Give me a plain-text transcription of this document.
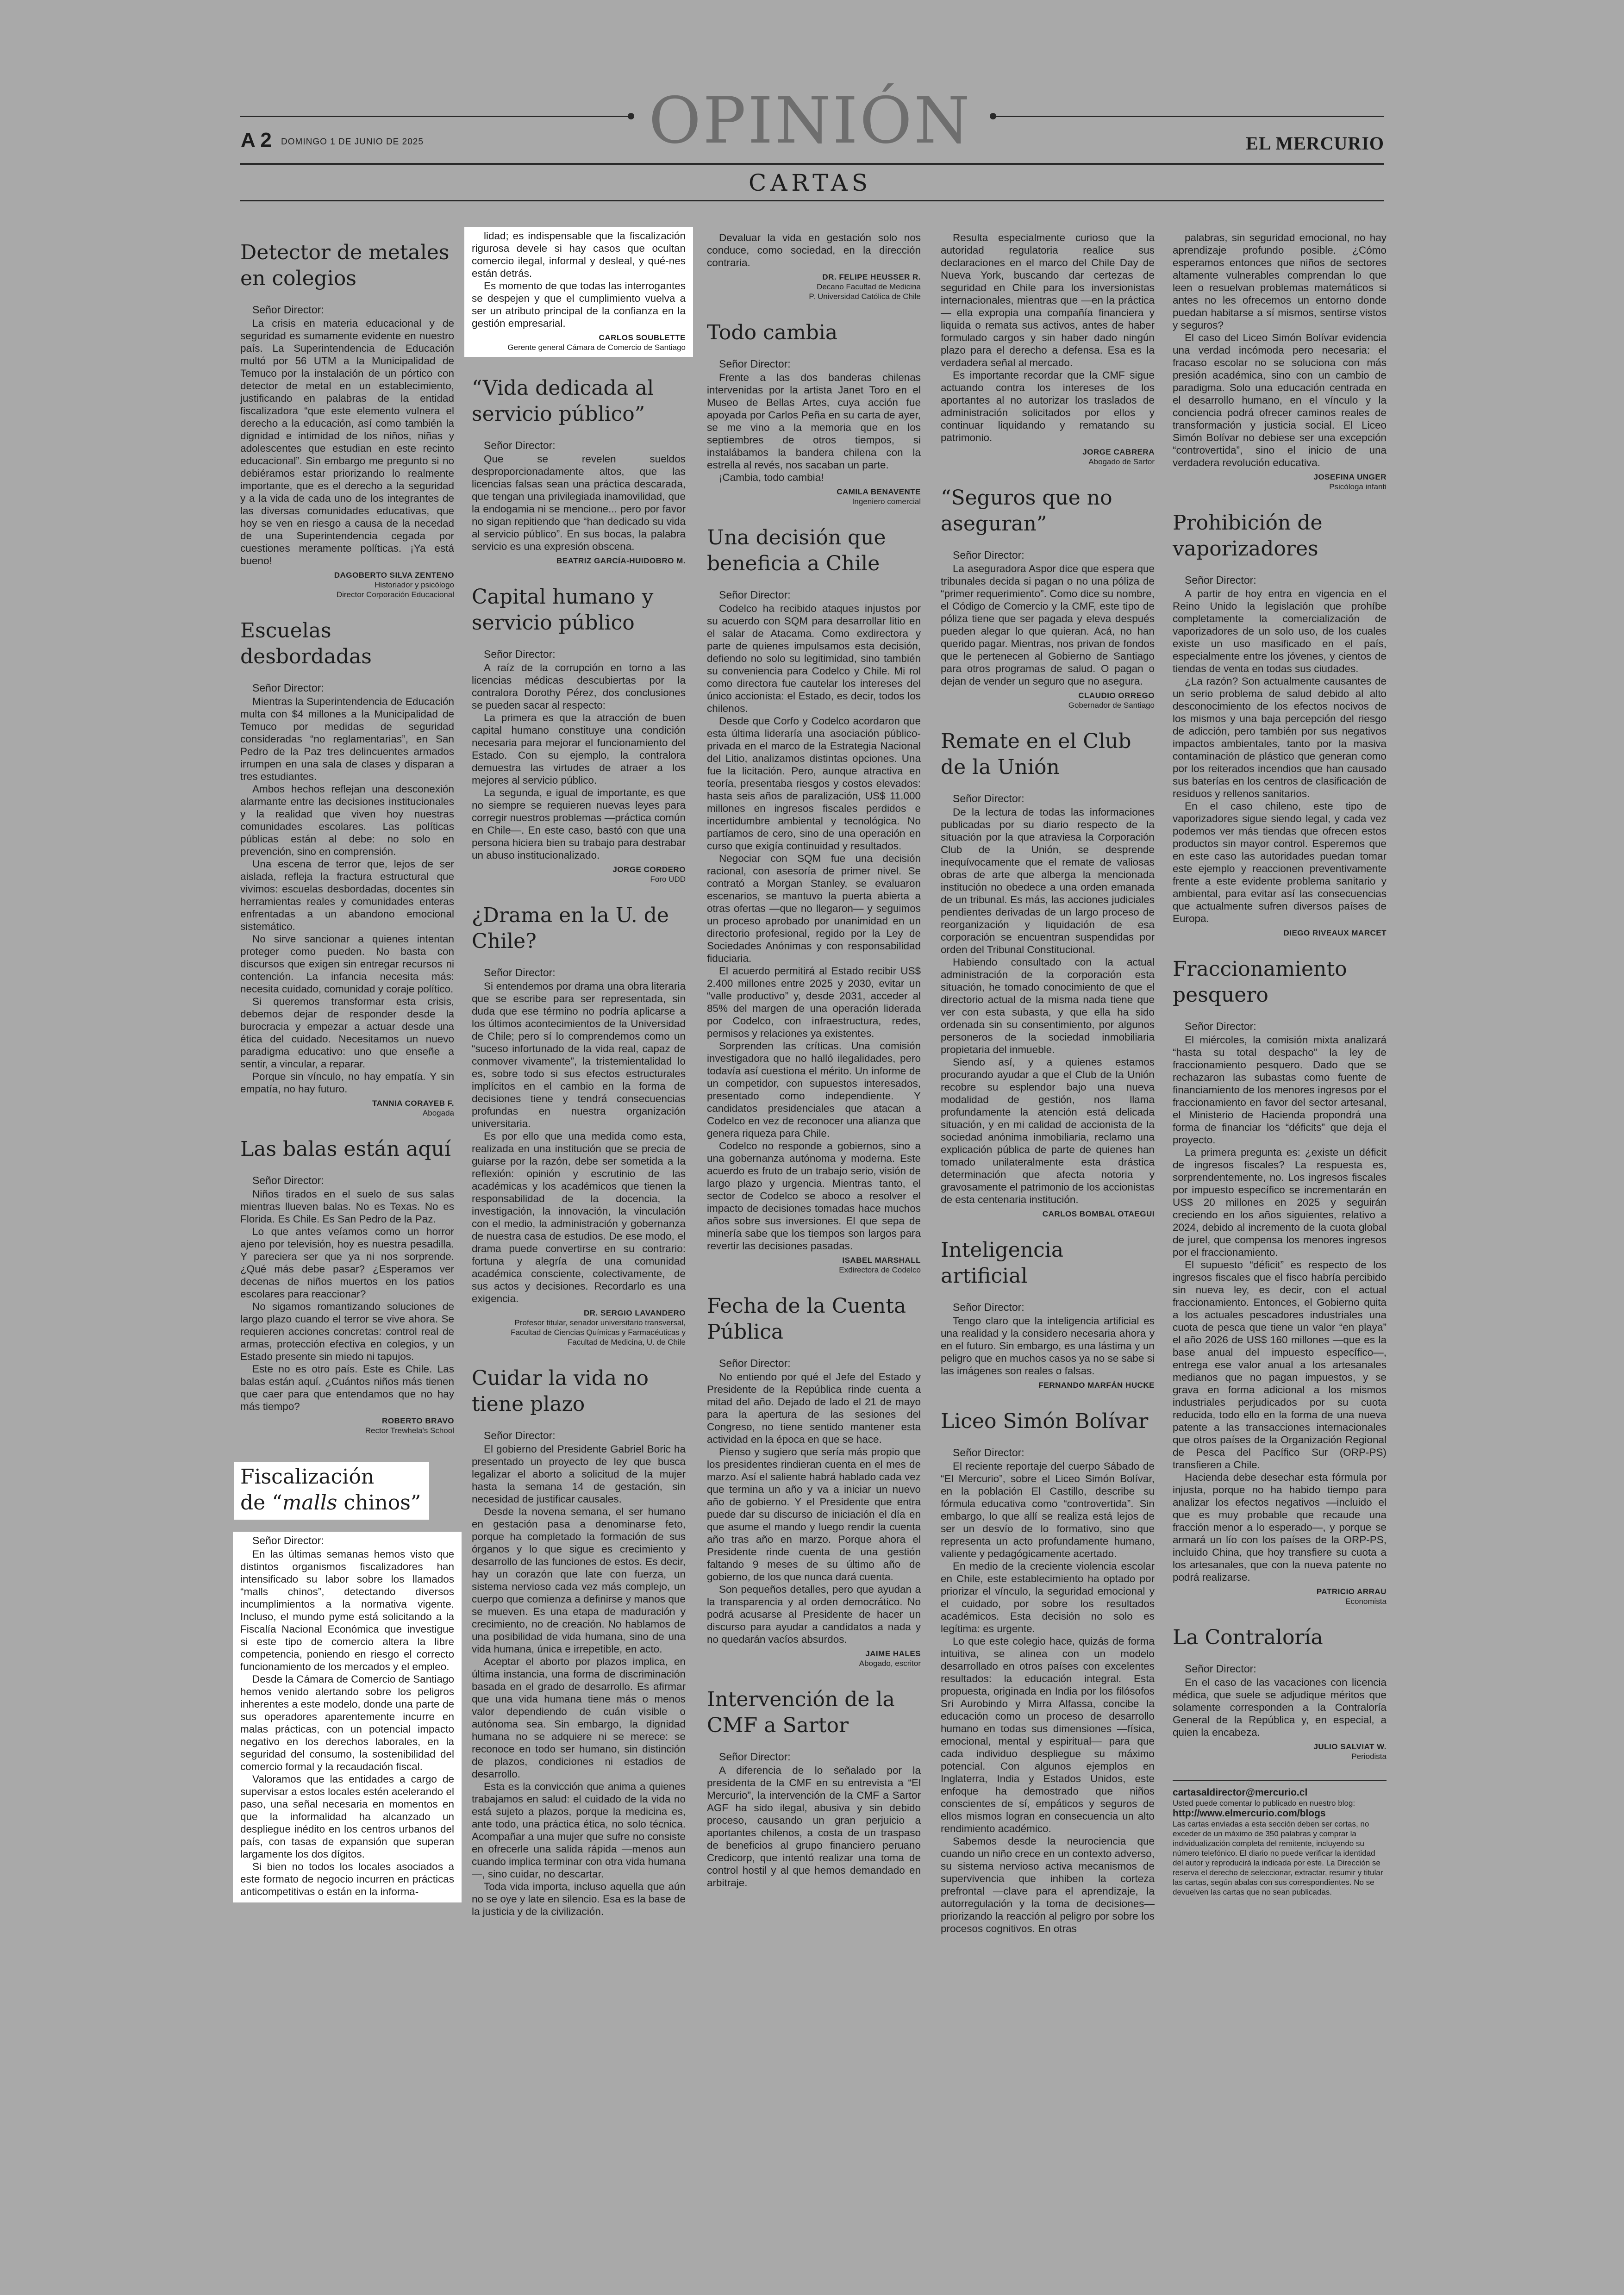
OPINIÓN
A 2 DOMINGO 1 DE JUNIO DE 2025	EL MERCURIO
CARTAS
Detector de metales en colegios

Señor Director:

La crisis en materia educacional y de seguridad es sumamente evidente en nuestro país. La Superintendencia de Educación multó por 56 UTM a la Municipalidad de Temuco por la instalación de un pórtico con detector de metal en un establecimiento, justificando en palabras de la entidad fiscalizadora “que este elemento vulnera el derecho a la educación, así como también la dignidad e intimidad de los niños, niñas y adolescentes que estudian en este recinto educacional”. Sin embargo me pregunto si no debiéramos estar priorizando lo realmente importante, que es el derecho a la seguridad y a la vida de cada uno de los integrantes de las diversas comunidades educativas, que hoy se ven en riesgo a causa de la necedad de una Superintendencia cegada por cuestiones meramente políticas. ¡Ya está bueno!

DAGOBERTO SILVA ZENTENO

Historiador y psicólogo

Director Corporación Educacional

Escuelas desbordadas

Señor Director:

Mientras la Superintendencia de Educación multa con $4 millones a la Municipalidad de Temuco por medidas de seguridad consideradas “no reglamentarias”, en San Pedro de la Paz tres delincuentes armados irrumpen en una sala de clases y disparan a tres estudiantes.

Ambos hechos reflejan una desconexión alarmante entre las decisiones institucionales y la realidad que viven hoy nuestras comunidades escolares. Las políticas públicas están al debe: no solo en prevención, sino en comprensión.

Una escena de terror que, lejos de ser aislada, refleja la fractura estructural que vivimos: escuelas desbordadas, docentes sin herramientas reales y comunidades enteras enfrentadas a un abandono emocional sistemático.

No sirve sancionar a quienes intentan proteger como pueden. No basta con discursos que exigen sin entregar recursos ni contención. La infancia necesita más: necesita cuidado, comunidad y coraje político.

Si queremos transformar esta crisis, debemos dejar de responder desde la burocracia y empezar a actuar desde una ética del cuidado. Necesitamos un nuevo paradigma educativo: uno que enseñe a sentir, a vincular, a reparar.

Porque sin vínculo, no hay empatía. Y sin empatía, no hay futuro.

TANNIA CORAYEB F.

Abogada

Las balas están aquí

Señor Director:

Niños tirados en el suelo de sus salas mientras llueven balas. No es Texas. No es Florida. Es Chile. Es San Pedro de la Paz.

Lo que antes veíamos como un horror ajeno por televisión, hoy es nuestra pesadilla. Y pareciera ser que ya ni nos sorprende. ¿Qué más debe pasar? ¿Esperamos ver decenas de niños muertos en los patios escolares para reaccionar?

No sigamos romantizando soluciones de largo plazo cuando el terror se vive ahora. Se requieren acciones concretas: control real de armas, protección efectiva en colegios, y un Estado presente sin miedo ni tapujos.

Este no es otro país. Este es Chile. Las balas están aquí. ¿Cuántos niños más tienen que caer para que entendamos que no hay más tiempo?

ROBERTO BRAVO

Rector Trewhela's School

Fiscalización
de “malls chinos”

Señor Director:

En las últimas semanas hemos visto que distintos organismos fiscalizadores han intensificado su labor sobre los llamados “malls chinos”, detectando diversos incumplimientos a la normativa vigente. Incluso, el mundo pyme está solicitando a la Fiscalía Nacional Económica que investigue si este tipo de comercio altera la libre competencia, poniendo en riesgo el correcto funcionamiento de los mercados y el empleo.

Desde la Cámara de Comercio de Santiago hemos venido alertando sobre los peligros inherentes a este modelo, donde una parte de sus operadores aparentemente incurre en malas prácticas, con un potencial impacto negativo en los derechos laborales, en la seguridad del consumo, la sostenibilidad del comercio formal y la recaudación fiscal.

Valoramos que las entidades a cargo de supervisar a estos locales estén acelerando el paso, una señal necesaria en momentos en que la informalidad ha alcanzado un despliegue inédito en los centros urbanos del país, con tasas de expansión que superan largamente los dos dígitos.

Si bien no todos los locales asociados a este formato de negocio incurren en prácticas anticompetitivas o están en la informa-

lidad; es indispensable que la fiscalización rigurosa devele si hay casos que ocultan comercio ilegal, informal y desleal, y qué-nes están detrás.

Es momento de que todas las interrogantes se despejen y que el cumplimiento vuelva a ser un atributo principal de la confianza en la gestión empresarial.

CARLOS SOUBLETTE

Gerente general Cámara de Comercio de Santiago

“Vida dedicada al servicio público”

Señor Director:

Que se revelen sueldos desproporcionadamente altos, que las licencias falsas sean una práctica descarada, que tengan una privilegiada inamovilidad, que la endogamia ni se mencione... pero por favor no sigan repitiendo que “han dedicado su vida al servicio público”. En sus bocas, la palabra servicio es una expresión obscena.

BEATRIZ GARCÍA-HUIDOBRO M.

Capital humano y servicio público

Señor Director:

A raíz de la corrupción en torno a las licencias médicas descubiertas por la contralora Dorothy Pérez, dos conclusiones se pueden sacar al respecto:

La primera es que la atracción de buen capital humano constituye una condición necesaria para mejorar el funcionamiento del Estado. Con su ejemplo, la contralora demuestra las virtudes de atraer a los mejores al servicio público.

La segunda, e igual de importante, es que no siempre se requieren nuevas leyes para corregir nuestros problemas —práctica común en Chile—. En este caso, bastó con que una persona hiciera bien su trabajo para destrabar un abuso institucionalizado.

JORGE CORDERO

Foro UDD

¿Drama en la U. de Chile?

Señor Director:

Si entendemos por drama una obra literaria que se escribe para ser representada, sin duda que ese término no podría aplicarse a los últimos acontecimientos de la Universidad de Chile; pero sí lo comprendemos como un “suceso infortunado de la vida real, capaz de conmover vivamente”, la tristemientalidad lo es, sobre todo si sus efectos estructurales implícitos en el cambio en la forma de decisiones tiene y tendrá consecuencias profundas en nuestra organización universitaria.

Es por ello que una medida como esta, realizada en una institución que se precia de guiarse por la razón, debe ser sometida a la reflexión: opinión y escrutinio de las académicas y los académicos que tienen la responsabilidad de la docencia, la investigación, la innovación, la vinculación con el medio, la administración y gobernanza de nuestra casa de estudios. De ese modo, el drama puede convertirse en su contrario: fortuna y alegría de una comunidad académica consciente, colectivamente, de sus actos y decisiones. Recordarlo es una exigencia.

DR. SERGIO LAVANDERO

Profesor titular, senador universitario transversal,

Facultad de Ciencias Químicas y Farmacéuticas y

Facultad de Medicina, U. de Chile

Cuidar la vida no tiene plazo

Señor Director:

El gobierno del Presidente Gabriel Boric ha presentado un proyecto de ley que busca legalizar el aborto a solicitud de la mujer hasta la semana 14 de gestación, sin necesidad de justificar causales.

Desde la novena semana, el ser humano en gestación pasa a denominarse feto, porque ha completado la formación de sus órganos y lo que sigue es crecimiento y desarrollo de las funciones de estos. Es decir, hay un corazón que late con fuerza, un sistema nervioso cada vez más complejo, un cuerpo que comienza a definirse y manos que se mueven. Es una etapa de maduración y crecimiento, no de creación. No hablamos de una posibilidad de vida humana, sino de una vida humana, única e irrepetible, en acto.

Aceptar el aborto por plazos implica, en última instancia, una forma de discriminación basada en el grado de desarrollo. Es afirmar que una vida humana tiene más o menos valor dependiendo de cuán visible o autónoma sea. Sin embargo, la dignidad humana no se adquiere ni se merece: se reconoce en todo ser humano, sin distinción de plazos, condiciones ni estadios de desarrollo.

Esta es la convicción que anima a quienes trabajamos en salud: el cuidado de la vida no está sujeto a plazos, porque la medicina es, ante todo, una práctica ética, no solo técnica. Acompañar a una mujer que sufre no consiste en ofrecerle una salida rápida —menos aun cuando implica terminar con otra vida humana—, sino cuidar, no descartar.

Toda vida importa, incluso aquella que aún no se oye y late en silencio. Esa es la base de la justicia y de la civilización.

Devaluar la vida en gestación solo nos conduce, como sociedad, en la dirección contraria.

DR. FELIPE HEUSSER R.

Decano Facultad de Medicina

P. Universidad Católica de Chile

Todo cambia

Señor Director:

Frente a las dos banderas chilenas intervenidas por la artista Janet Toro en el Museo de Bellas Artes, cuya acción fue apoyada por Carlos Peña en su carta de ayer, se me vino a la memoria que en los septiembres de otros tiempos, si instalábamos la bandera chilena con la estrella al revés, nos sacaban un parte.

¡Cambia, todo cambia!

CAMILA BENAVENTE

Ingeniero comercial

Una decisión que beneficia a Chile

Señor Director:

Codelco ha recibido ataques injustos por su acuerdo con SQM para desarrollar litio en el salar de Atacama. Como exdirectora y parte de quienes impulsamos esta decisión, defiendo no solo su legitimidad, sino también su conveniencia para Codelco y Chile. Mi rol como directora fue cautelar los intereses del único accionista: el Estado, es decir, todos los chilenos.

Desde que Corfo y Codelco acordaron que esta última lideraría una asociación público-privada en el marco de la Estrategia Nacional del Litio, analizamos distintas opciones. Una fue la licitación. Pero, aunque atractiva en teoría, presentaba riesgos y costos elevados: hasta seis años de paralización, US$ 11.000 millones en ingresos fiscales perdidos e incertidumbre ambiental y tecnológica. No partíamos de cero, sino de una operación en curso que exigía continuidad y resultados.

Negociar con SQM fue una decisión racional, con asesoría de primer nivel. Se contrató a Morgan Stanley, se evaluaron escenarios, se mantuvo la puerta abierta a otras ofertas —que no llegaron— y seguimos un proceso aprobado por unanimidad en un directorio profesional, regido por la Ley de Sociedades Anónimas y con responsabilidad fiduciaria.

El acuerdo permitirá al Estado recibir US$ 2.400 millones entre 2025 y 2030, evitar un “valle productivo” y, desde 2031, acceder al 85% del margen de una operación liderada por Codelco, con infraestructura, redes, permisos y relaciones ya existentes.

Sorprenden las críticas. Una comisión investigadora que no halló ilegalidades, pero todavía así cuestiona el mérito. Un informe de un competidor, con supuestos interesados, presentado como independiente. Y candidatos presidenciales que atacan a Codelco en vez de reconocer una alianza que genera riqueza para Chile.

Codelco no responde a gobiernos, sino a una gobernanza autónoma y moderna. Este acuerdo es fruto de un trabajo serio, visión de largo plazo y urgencia. Mientras tanto, el sector de Codelco se aboco a resolver el impacto de decisiones tomadas hace muchos años sobre sus inversiones. El que sepa de minería sabe que los tiempos son largos para revertir las decisiones pasadas.

ISABEL MARSHALL

Exdirectora de Codelco

Fecha de la Cuenta Pública

Señor Director:

No entiendo por qué el Jefe del Estado y Presidente de la República rinde cuenta a mitad del año. Dejado de lado el 21 de mayo para la apertura de las sesiones del Congreso, no tiene sentido mantener esta actividad en la época en que se hace.

Pienso y sugiero que sería más propio que los presidentes rindieran cuenta en el mes de marzo. Así el saliente habrá hablado cada vez que termina un año y va a iniciar un nuevo año de gobierno. Y el Presidente que entra puede dar su discurso de iniciación el día en que asume el mando y luego rendir la cuenta año tras año en marzo. Porque ahora el Presidente rinde cuenta de una gestión faltando 9 meses de su último año de gobierno, de los que nunca dará cuenta.

Son pequeños detalles, pero que ayudan a la transparencia y al orden democrático. No podrá acusarse al Presidente de hacer un discurso para ayudar a candidatos a nada y no quedarán vacíos absurdos.

JAIME HALES

Abogado, escritor

Intervención de la CMF a Sartor

Señor Director:

A diferencia de lo señalado por la presidenta de la CMF en su entrevista a “El Mercurio”, la intervención de la CMF a Sartor AGF ha sido ilegal, abusiva y sin debido proceso, causando un gran perjuicio a aportantes chilenos, a costa de un traspaso de beneficios al grupo financiero peruano Credicorp, que intentó realizar una toma de control hostil y al que hemos demandado en arbitraje.

Resulta especialmente curioso que la autoridad regulatoria realice sus declaraciones en el marco del Chile Day de Nueva York, buscando dar certezas de seguridad en Chile para los inversionistas internacionales, mientras que —en la práctica— ella expropia una compañía financiera y liquida o remata sus activos, antes de haber formulado cargos y sin haber dado ningún plazo para el derecho a defensa. Esa es la verdadera señal al mercado.

Es importante recordar que la CMF sigue actuando contra los intereses de los aportantes al no autorizar los traslados de administración solicitados por ellos y continuar liquidando y rematando su patrimonio.

JORGE CABRERA

Abogado de Sartor

“Seguros que no aseguran”

Señor Director:

La aseguradora Aspor dice que espera que tribunales decida si pagan o no una póliza de “primer requerimiento”. Como dice su nombre, el Código de Comercio y la CMF, este tipo de póliza tiene que ser pagada y eleva después pueden alegar lo que quieran. Acá, no han querido pagar. Mientras, nos privan de fondos que le pertenecen al Gobierno de Santiago para otros programas de salud. O pagan o dejan de vender un seguro que no asegura.

CLAUDIO ORREGO

Gobernador de Santiago

Remate en el Club de la Unión

Señor Director:

De la lectura de todas las informaciones publicadas por su diario respecto de la situación por la que atraviesa la Corporación Club de la Unión, se desprende inequívocamente que el remate de valiosas obras de arte que alberga la mencionada institución no obedece a una orden emanada de un tribunal. Es más, las acciones judiciales pendientes derivadas de un largo proceso de reorganización y liquidación de esa corporación se encuentran suspendidas por orden del Tribunal Constitucional.

Habiendo consultado con la actual administración de la corporación esta situación, he tomado conocimiento de que el directorio actual de la misma nada tiene que ver con esta subasta, y que ella ha sido ordenada sin su consentimiento, por algunos personeros de la sociedad inmobiliaria propietaria del inmueble.

Siendo así, y a quienes estamos procurando ayudar a que el Club de la Unión recobre su esplendor bajo una nueva modalidad de gestión, nos llama profundamente la atención está delicada situación, y en mi calidad de accionista de la sociedad anónima inmobiliaria, reclamo una explicación pública de parte de quienes han tomado unilateralmente esta drástica determinación que afecta notoria y gravosamente el patrimonio de los accionistas de esta centenaria institución.

CARLOS BOMBAL OTAEGUI

Inteligencia artificial

Señor Director:

Tengo claro que la inteligencia artificial es una realidad y la considero necesaria ahora y en el futuro. Sin embargo, es una lástima y un peligro que en muchos casos ya no se sabe si las imágenes son reales o falsas.

FERNANDO MARFÁN HUCKE

Liceo Simón Bolívar

Señor Director:

El reciente reportaje del cuerpo Sábado de “El Mercurio”, sobre el Liceo Simón Bolívar, en la población El Castillo, describe su fórmula educativa como “controvertida”. Sin embargo, lo que allí se realiza está lejos de ser un desvío de lo formativo, sino que representa un acto profundamente humano, valiente y pedagógicamente acertado.

En medio de la creciente violencia escolar en Chile, este establecimiento ha optado por priorizar el vínculo, la seguridad emocional y el cuidado, por sobre los resultados académicos. Esta decisión no solo es legítima: es urgente.

Lo que este colegio hace, quizás de forma intuitiva, se alinea con un modelo desarrollado en otros países con excelentes resultados: la educación integral. Esta propuesta, originada en India por los filósofos Sri Aurobindo y Mirra Alfassa, concibe la educación como un proceso de desarrollo humano en todas sus dimensiones —física, emocional, mental y espiritual— para que cada individuo despliegue su máximo potencial. Con algunos ejemplos en Inglaterra, India y Estados Unidos, este enfoque ha demostrado que niños conscientes de sí, empáticos y seguros de ellos mismos logran en consecuencia un alto rendimiento académico.

Sabemos desde la neurociencia que cuando un niño crece en un contexto adverso, su sistema nervioso activa mecanismos de supervivencia que inhiben la corteza prefrontal —clave para el aprendizaje, la autorregulación y la toma de decisiones— priorizando la reacción al peligro por sobre los procesos cognitivos. En otras

palabras, sin seguridad emocional, no hay aprendizaje profundo posible. ¿Cómo esperamos entonces que niños de sectores altamente vulnerables comprendan lo que leen o resuelvan problemas matemáticos si antes no les ofrecemos un entorno donde puedan habitarse a sí mismos, sentirse vistos y seguros?

El caso del Liceo Simón Bolívar evidencia una verdad incómoda pero necesaria: el fracaso escolar no se soluciona con más presión académica, sino con un cambio de paradigma. Solo una educación centrada en el desarrollo humano, en el vínculo y la conciencia podrá ofrecer caminos reales de transformación y justicia social. El Liceo Simón Bolívar no debiese ser una excepción “controvertida”, sino el inicio de una verdadera revolución educativa.

JOSEFINA UNGER

Psicóloga infanti

Prohibición de vaporizadores

Señor Director:

A partir de hoy entra en vigencia en el Reino Unido la legislación que prohíbe completamente la comercialización de vaporizadores de un solo uso, de los cuales existe un uso masificado en el país, especialmente entre los jóvenes, y cientos de tiendas de venta en todas sus ciudades.

¿La razón? Son actualmente causantes de un serio problema de salud debido al alto desconocimiento de los efectos nocivos de los mismos y una baja percepción del riesgo de adicción, pero también por sus negativos impactos ambientales, tanto por la masiva contaminación de plástico que generan como por los reiterados incendios que han causado sus baterías en los centros de clasificación de residuos y rellenos sanitarios.

En el caso chileno, este tipo de vaporizadores sigue siendo legal, y cada vez podemos ver más tiendas que ofrecen estos productos sin mayor control. Esperemos que en este caso las autoridades puedan tomar este ejemplo y reaccionen preventivamente frente a este evidente problema sanitario y ambiental, para evitar así las consecuencias que actualmente sufren diversos países de Europa.

DIEGO RIVEAUX MARCET

Fraccionamiento pesquero

Señor Director:

El miércoles, la comisión mixta analizará “hasta su total despacho” la ley de fraccionamiento pesquero. Dado que se rechazaron las subastas como fuente de financiamiento de los menores ingresos por el fraccionamiento en favor del sector artesanal, el Ministerio de Hacienda propondrá una forma de financiar los “déficits” que deja el proyecto.

La primera pregunta es: ¿existe un déficit de ingresos fiscales? La respuesta es, sorprendentemente, no. Los ingresos fiscales por impuesto específico se incrementarán en US$ 20 millones en 2025 y seguirán creciendo en los años siguientes, relativo a 2024, debido al incremento de la cuota global de jurel, que compensa los menores ingresos por el fraccionamiento.

El supuesto “déficit” es respecto de los ingresos fiscales que el fisco habría percibido sin nueva ley, es decir, con el actual fraccionamiento. Entonces, el Gobierno quita a los actuales pescadores industriales una cuota de pesca que tiene un valor “en playa” el año 2026 de US$ 160 millones —que es la base anual del impuesto específico—, entrega ese valor anual a los artesanales medianos que no pagan impuestos, y se grava en forma adicional a los mismos industriales perjudicados por su cuota reducida, todo ello en la forma de una nueva patente a las transacciones internacionales que otros países de la Organización Regional de Pesca del Pacífico Sur (ORP-PS) transfieren a Chile.

Hacienda debe desechar esta fórmula por injusta, porque no ha habido tiempo para analizar los efectos negativos —incluido el que es muy probable que recaude una fracción menor a lo esperado—, y porque se armará un lío con los países de la ORP-PS, incluido China, que hoy transfiere su cuota a los artesanales, que con la nueva patente no podrá realizarse.

PATRICIO ARRAU

Economista

La Contraloría

Señor Director:

En el caso de las vacaciones con licencia médica, que suele se adjudique méritos que solamente corresponden a la Contraloría General de la República y, en especial, a quien la encabeza.

JULIO SALVIAT W.

Periodista

cartasaldirector@mercurio.cl

Usted puede comentar lo publicado en nuestro blog:

http://www.elmercurio.com/blogs

Las cartas enviadas a esta sección deben ser cortas, no exceder de un máximo de 350 palabras y comprar la individualización completa del remitente, incluyendo su número telefónico. El diario no puede verificar la identidad del autor y reproducirá la indicada por este. La Dirección se reserva el derecho de seleccionar, extractar, resumir y titular las cartas, según abalas con sus correspondientes. No se devuelven las cartas que no sean publicadas.
